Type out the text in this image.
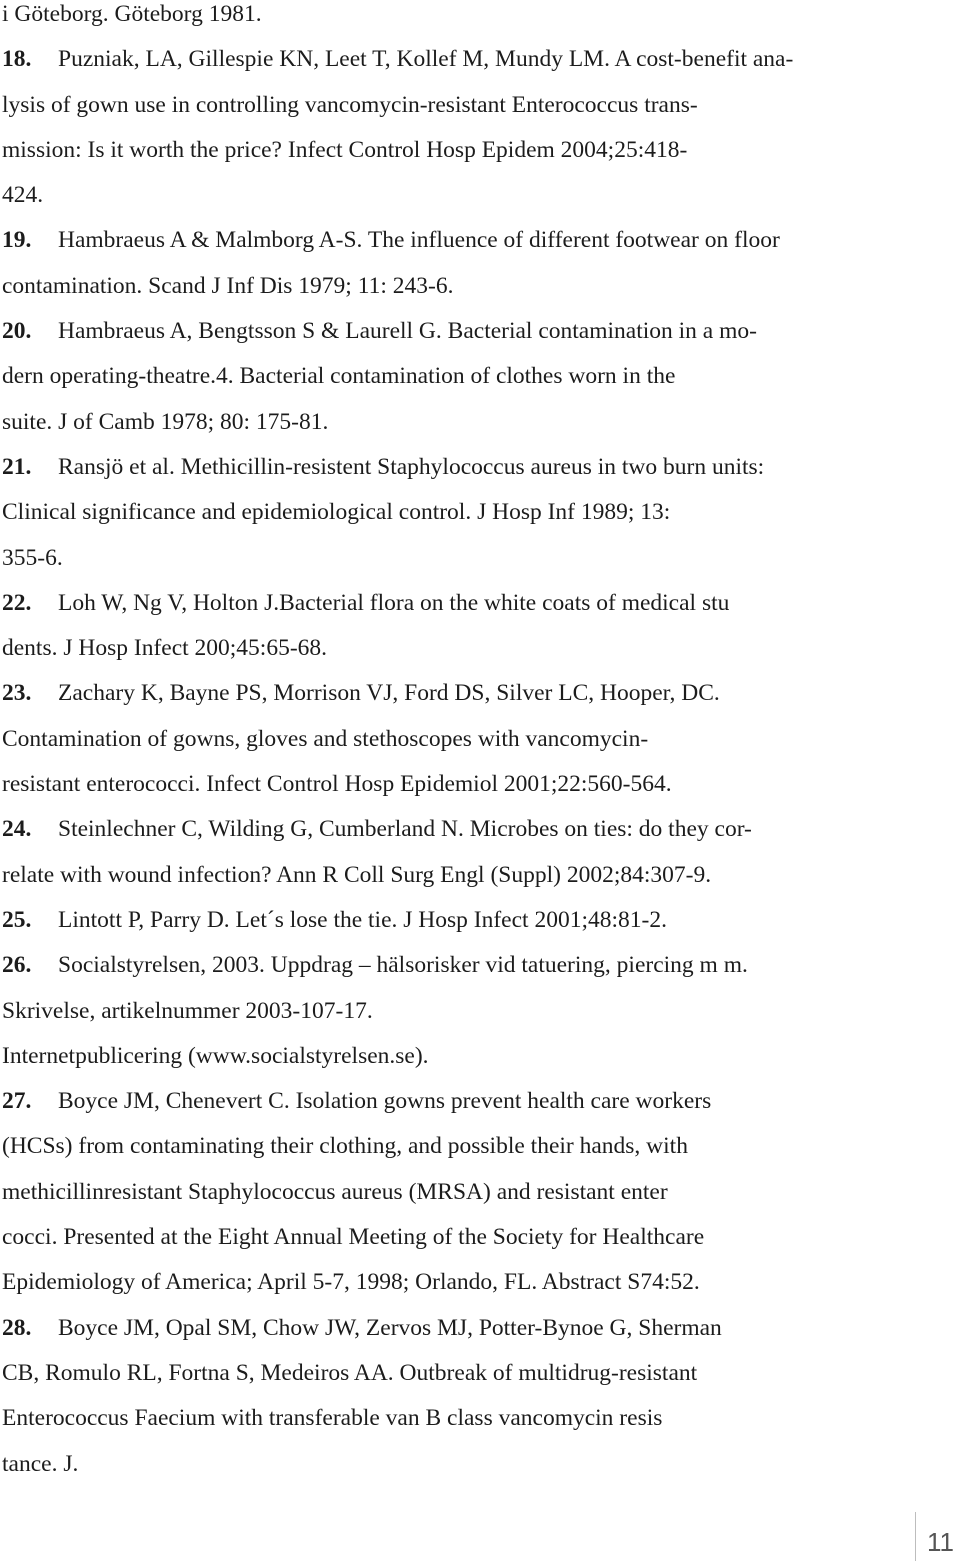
i Göteborg. Göteborg 1981.
18. Puzniak, LA, Gillespie KN, Leet T, Kollef M, Mundy LM. A cost-benefit ana-
lysis of gown use in controlling vancomycin-resistant Enterococcus trans-
mission: Is it worth the price? Infect Control Hosp Epidem 2004;25:418-
424.
19. Hambraeus A & Malmborg A-S. The influence of different footwear on floor
contamination. Scand J Inf Dis 1979; 11: 243-6.
20. Hambraeus A, Bengtsson S & Laurell G. Bacterial contamination in a mo-
dern operating-theatre.4. Bacterial contamination of clothes worn in the
suite. J of Camb 1978; 80: 175-81.
21. Ransjö et al. Methicillin-resistent Staphylococcus aureus in two burn units:
Clinical significance and epidemiological control. J Hosp Inf 1989; 13:
355-6.
22. Loh W, Ng V, Holton J.Bacterial flora on the white coats of medical stu
dents. J Hosp Infect 200;45:65-68.
23. Zachary K, Bayne PS, Morrison VJ, Ford DS, Silver LC, Hooper, DC.
Contamination of gowns, gloves and stethoscopes with vancomycin-
resistant enterococci. Infect Control Hosp Epidemiol 2001;22:560-564.
24. Steinlechner C, Wilding G, Cumberland N. Microbes on ties: do they cor-
relate with wound infection? Ann R Coll Surg Engl (Suppl) 2002;84:307-9.
25. Lintott P, Parry D. Let´s lose the tie. J Hosp Infect 2001;48:81-2.
26. Socialstyrelsen, 2003. Uppdrag – hälsorisker vid tatuering, piercing m m.
Skrivelse, artikelnummer 2003-107-17.
Internetpublicering (www.socialstyrelsen.se).
27. Boyce JM, Chenevert C. Isolation gowns prevent health care workers
(HCSs) from contaminating their clothing, and possible their hands, with
methicillinresistant Staphylococcus aureus (MRSA) and resistant enter
cocci. Presented at the Eight Annual Meeting of the Society for Healthcare
Epidemiology of America; April 5-7, 1998; Orlando, FL. Abstract S74:52.
28. Boyce JM, Opal SM, Chow JW, Zervos MJ, Potter-Bynoe G, Sherman
CB, Romulo RL, Fortna S, Medeiros AA. Outbreak of multidrug-resistant
Enterococcus Faecium with transferable van B class vancomycin resis
tance. J.
11
